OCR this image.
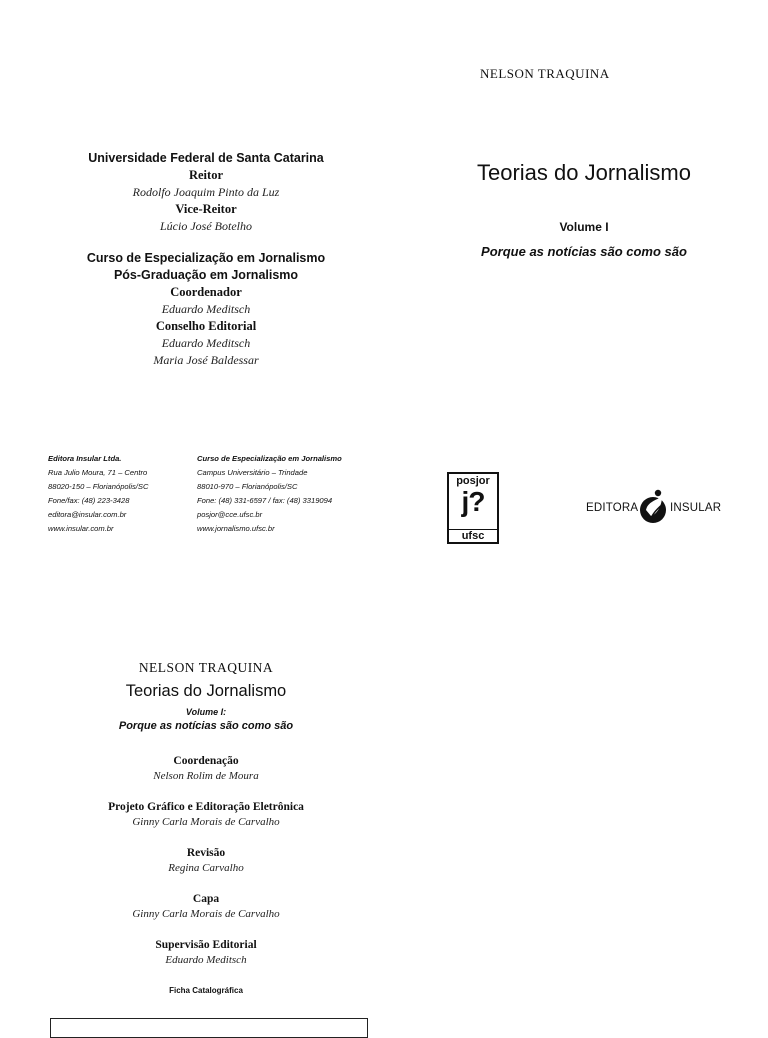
NELSON TRAQUINA
Teorias do Jornalismo
Volume I
Porque as notícias são como são
Universidade Federal de Santa Catarina
Reitor
Rodolfo Joaquim Pinto da Luz
Vice-Reitor
Lúcio José Botelho
Curso de Especialização em Jornalismo
Pós-Graduação em Jornalismo
Coordenador
Eduardo Meditsch
Conselho Editorial
Eduardo Meditsch
Maria José Baldessar
Editora Insular Ltda.
Rua Julio Moura, 71 – Centro
88020-150 – Florianópolis/SC
Fone/fax: (48) 223-3428
editora@insular.com.br
www.insular.com.br
Curso de Especialização em Jornalismo
Campus Universitário – Trindade
88010-970 – Florianópolis/SC
Fone: (48) 331-6597 / fax: (48) 3319094
posjor@cce.ufsc.br
www.jornalismo.ufsc.br
posjor
j?
ufsc
EDITORA	INSULAR
NELSON TRAQUINA
Teorias do Jornalismo
Volume I:
Porque as notícias são como são
Coordenação
Nelson Rolim de Moura
Projeto Gráfico e Editoração Eletrônica
Ginny Carla Morais de Carvalho
Revisão
Regina Carvalho
Capa
Ginny Carla Morais de Carvalho
Supervisão Editorial
Eduardo Meditsch
Ficha Catalográfica
